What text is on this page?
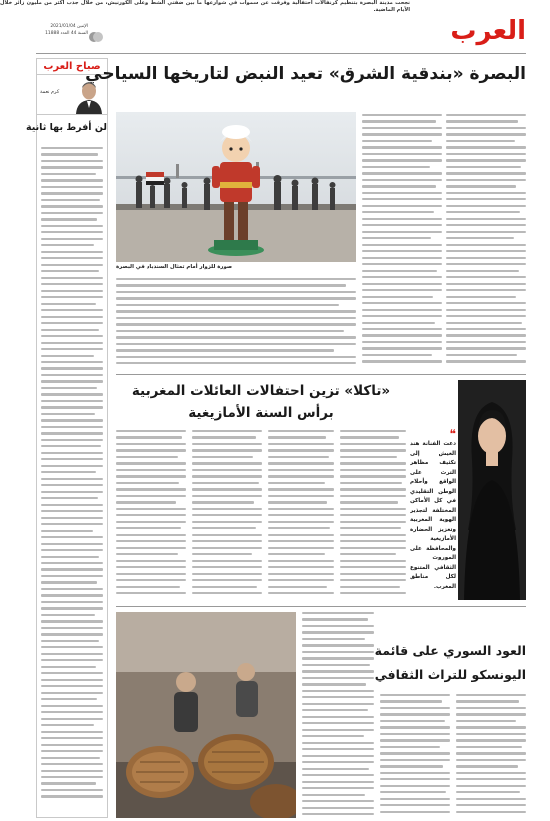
العرب
الإثنين 2021/01/04
السنة 44 العدد 11888
صباح العرب
كرم نعمة
لن أفرط بها ثانية
البصرة «بندقية الشرق» تعيد النبض لتاريخها السياحي
نجحت مدينة البصرة بتنظيم كرنفالات احتفالية وفرقت عن سموات في شوارعها ما بين ضفتي الشط وعلى الكورنيش، من خلال جذب أكثر من مليون زائر خلال الأيام الماضية.
صورة للزوار أمام تمثال السندباد في البصرة
«تاكلا» تزين احتفالات العائلات المغربية
برأس السنة الأمازيغية
❝
دعت الفنانة هند العيش إلى تكثيف مظاهر الترث على الواقع وأحلام الوطن التقليدي في كل الأماكن المختلفة لتجذير الهوية المغربية وتعزيز الحضارة الأمازيغية والمحافظة على الموروث الثقافي المتنوع لكل مناطق المغرب.
العود السوري على قائمة
اليونسكو للتراث الثقافي
